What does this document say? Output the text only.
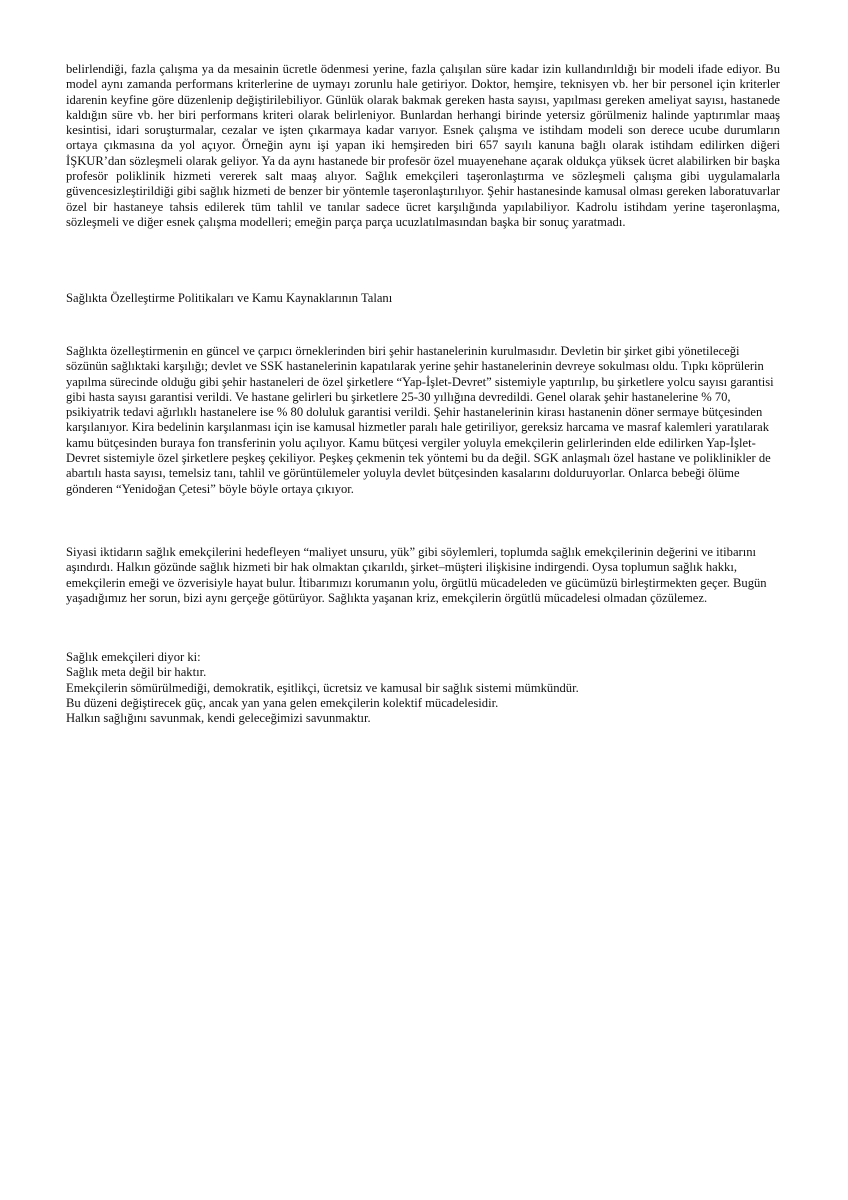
belirlendiği, fazla çalışma ya da mesainin ücretle ödenmesi yerine, fazla çalışılan süre kadar izin kullandırıldığı bir modeli ifade ediyor. Bu model aynı zamanda performans kriterlerine de uymayı zorunlu hale getiriyor. Doktor, hemşire, teknisyen vb. her bir personel için kriterler idarenin keyfine göre düzenlenip değiştirilebiliyor. Günlük olarak bakmak gereken hasta sayısı, yapılması gereken ameliyat sayısı, hastanede kaldığın süre vb. her biri performans kriteri olarak belirleniyor. Bunlardan herhangi birinde yetersiz görülmeniz halinde yaptırımlar maaş kesintisi, idari soruşturmalar, cezalar ve işten çıkarmaya kadar varıyor. Esnek çalışma ve istihdam modeli son derece ucube durumların ortaya çıkmasına da yol açıyor. Örneğin aynı işi yapan iki hemşireden biri 657 sayılı kanuna bağlı olarak istihdam edilirken diğeri İŞKUR’dan sözleşmeli olarak geliyor. Ya da aynı hastanede bir profesör özel muayenehane açarak oldukça yüksek ücret alabilirken bir başka profesör poliklinik hizmeti vererek salt maaş alıyor. Sağlık emekçileri taşeronlaştırma ve sözleşmeli çalışma gibi uygulamalarla güvencesizleştirildiği gibi sağlık hizmeti de benzer bir yöntemle taşeronlaştırılıyor. Şehir hastanesinde kamusal olması gereken laboratuvarlar özel bir hastaneye tahsis edilerek tüm tahlil ve tanılar sadece ücret karşılığında yapılabiliyor. Kadrolu istihdam yerine taşeronlaşma, sözleşmeli ve diğer esnek çalışma modelleri; emeğin parça parça ucuzlatılmasından başka bir sonuç yaratmadı.

Sağlıkta Özelleştirme Politikaları ve Kamu Kaynaklarının Talanı

Sağlıkta özelleştirmenin en güncel ve çarpıcı örneklerinden biri şehir hastanelerinin kurulmasıdır. Devletin bir şirket gibi yönetileceği sözünün sağlıktaki karşılığı; devlet ve SSK hastanelerinin kapatılarak yerine şehir hastanelerinin devreye sokulması oldu. Tıpkı köprülerin yapılma sürecinde olduğu gibi şehir hastaneleri de özel şirketlere “Yap-İşlet-Devret” sistemiyle yaptırılıp, bu şirketlere yolcu sayısı garantisi gibi hasta sayısı garantisi verildi. Ve hastane gelirleri bu şirketlere 25-30 yıllığına devredildi. Genel olarak şehir hastanelerine % 70, psikiyatrik tedavi ağırlıklı hastanelere ise % 80 doluluk garantisi verildi. Şehir hastanelerinin kirası hastanenin döner sermaye bütçesinden karşılanıyor. Kira bedelinin karşılanması için ise kamusal hizmetler paralı hale getiriliyor, gereksiz harcama ve masraf kalemleri yaratılarak kamu bütçesinden buraya fon transferinin yolu açılıyor. Kamu bütçesi vergiler yoluyla emekçilerin gelirlerinden elde edilirken Yap-İşlet-Devret sistemiyle özel şirketlere peşkeş çekiliyor. Peşkeş çekmenin tek yöntemi bu da değil. SGK anlaşmalı özel hastane ve poliklinikler de abartılı hasta sayısı, temelsiz tanı, tahlil ve görüntülemeler yoluyla devlet bütçesinden kasalarını dolduruyorlar. Onlarca bebeği ölüme gönderen “Yenidoğan Çetesi” böyle böyle ortaya çıkıyor.

Siyasi iktidarın sağlık emekçilerini hedefleyen “maliyet unsuru, yük” gibi söylemleri, toplumda sağlık emekçilerinin değerini ve itibarını aşındırdı. Halkın gözünde sağlık hizmeti bir hak olmaktan çıkarıldı, şirket–müşteri ilişkisine indirgendi. Oysa toplumun sağlık hakkı, emekçilerin emeği ve özverisiyle hayat bulur. İtibarımızı korumanın yolu, örgütlü mücadeleden ve gücümüzü birleştirmekten geçer. Bugün yaşadığımız her sorun, bizi aynı gerçeğe götürüyor. Sağlıkta yaşanan kriz, emekçilerin örgütlü mücadelesi olmadan çözülemez.

Sağlık emekçileri diyor ki:
Sağlık meta değil bir haktır.
Emekçilerin sömürülmediği, demokratik, eşitlikçi, ücretsiz ve kamusal bir sağlık sistemi mümkündür.
Bu düzeni değiştirecek güç, ancak yan yana gelen emekçilerin kolektif mücadelesidir.
Halkın sağlığını savunmak, kendi geleceğimizi savunmaktır.
